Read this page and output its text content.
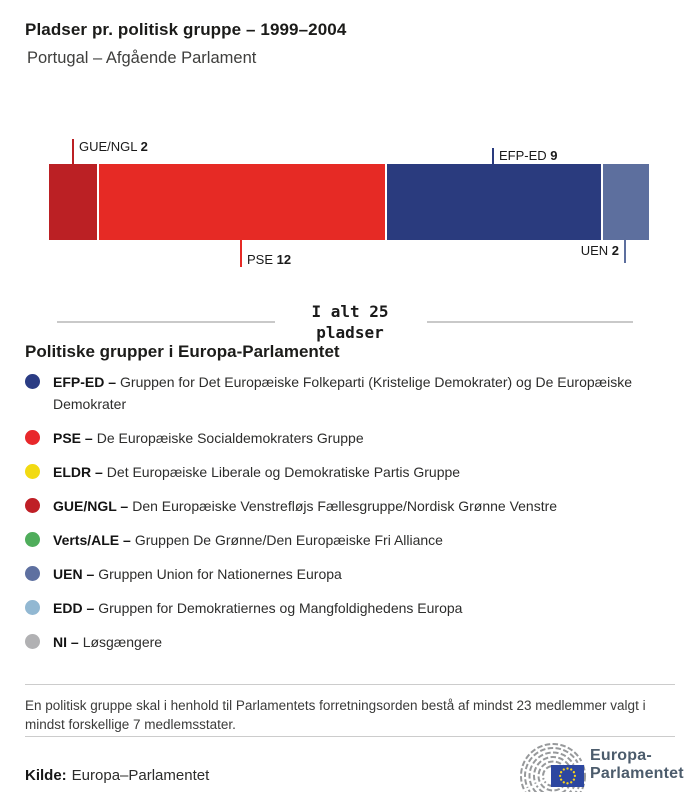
Pladser pr. politisk gruppe – 1999–2004
Portugal – Afgående Parlament
GUE/NGL 2
PSE 12
EFP-ED 9
UEN 2
I alt 25
pladser
Politiske grupper i Europa-Parlamentet
EFP-ED – Gruppen for Det Europæiske Folkeparti (Kristelige Demokrater) og De Europæiske Demokrater
PSE – De Europæiske Socialdemokraters Gruppe
ELDR – Det Europæiske Liberale og Demokratiske Partis Gruppe
GUE/NGL – Den Europæiske Venstrefløjs Fællesgruppe/Nordisk Grønne Venstre
Verts/ALE – Gruppen De Grønne/Den Europæiske Fri Alliance
UEN – Gruppen Union for Nationernes Europa
EDD – Gruppen for Demokratiernes og Mangfoldighedens Europa
NI – Løsgængere
En politisk gruppe skal i henhold til Parlamentets forretningsorden bestå af mindst 23 medlemmer valgt i mindst forskellige 7 medlemsstater.
Kilde: Europa–Parlamentet
Europa-
Parlamentet
